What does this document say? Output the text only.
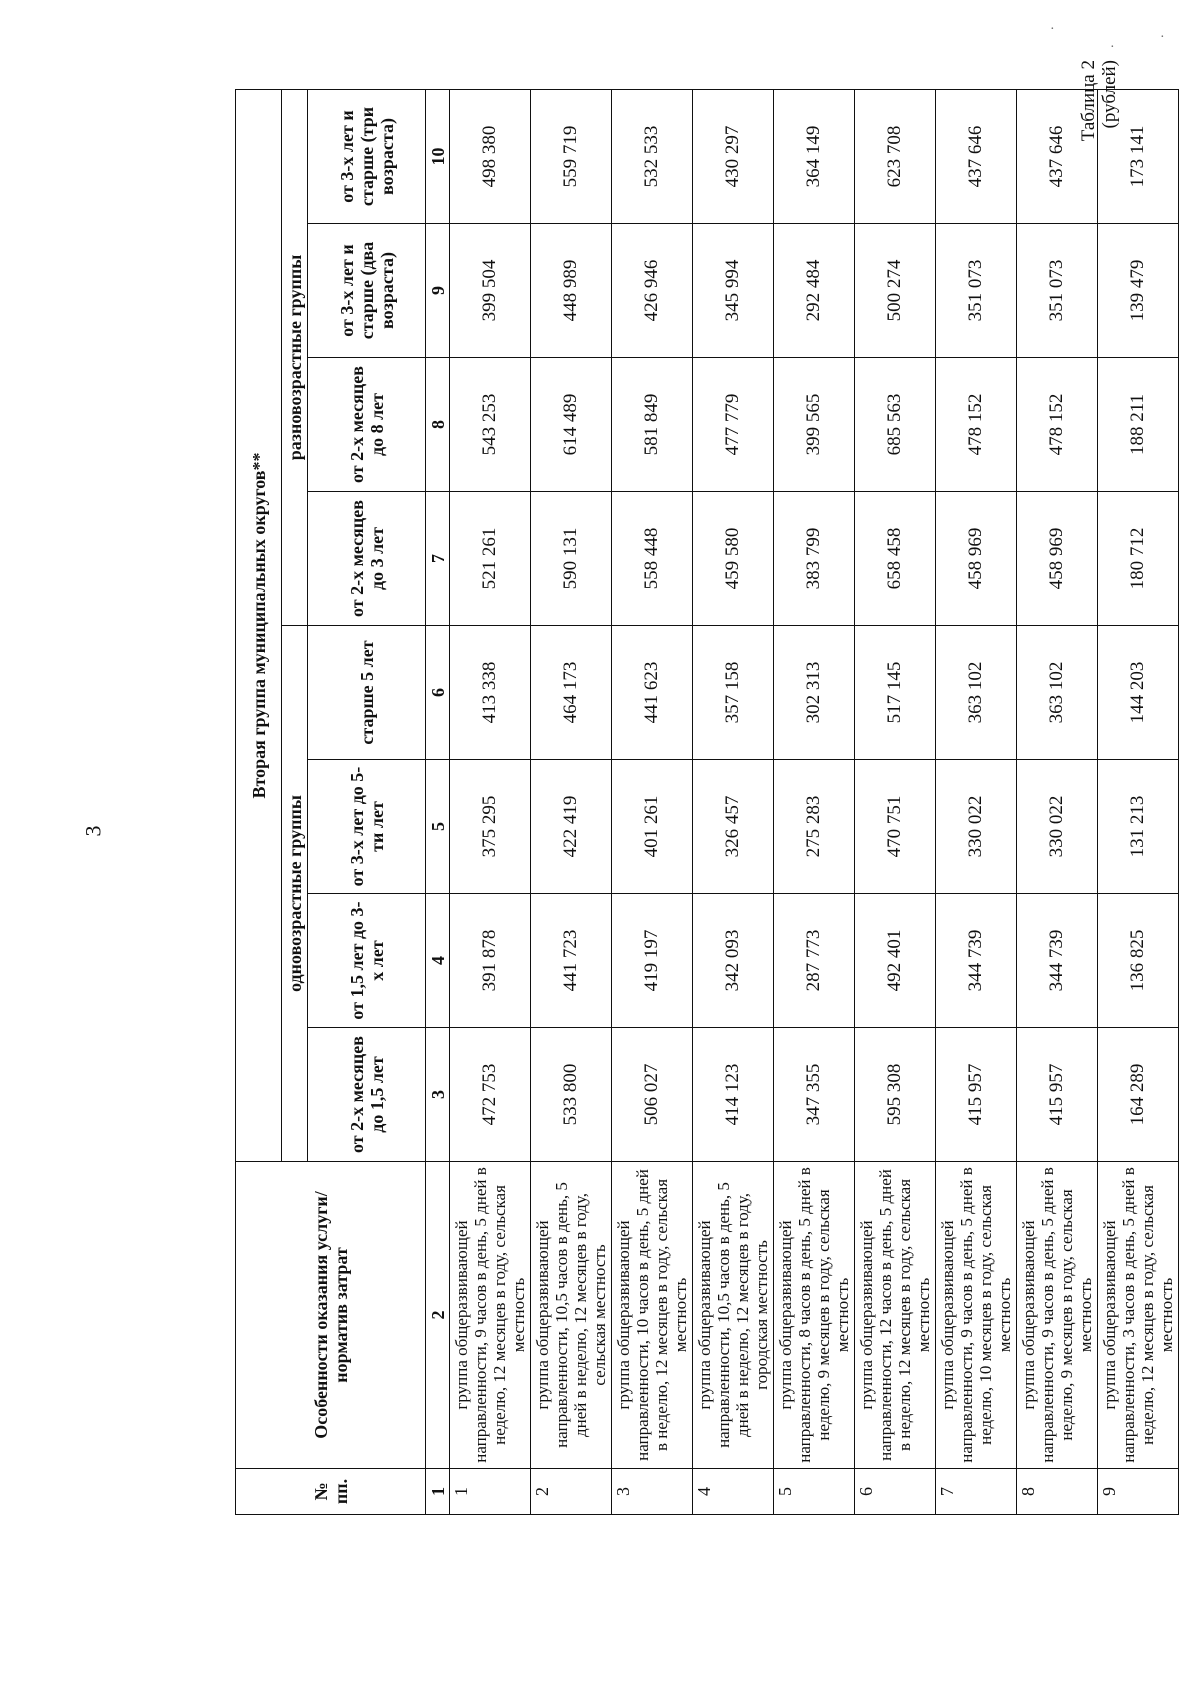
3
Таблица 2 (рублей)
·
·
·
№ пп.	Особенности оказания услуги/норматив затрат	Вторая группа муниципальных округов**							
		одновозрастные группы				разновозрастные группы			
		от 2-х месяцев до 1,5 лет	от 1,5 лет до 3-х лет	от 3-х лет до 5-ти лет	старше 5 лет	от 2-х месяцев до 3 лет	от 2-х месяцев до 8 лет	от 3-х лет и старше (два возраста)	от 3-х лет и старше (три возраста)
1	2	3	4	5	6	7	8	9	10
1	группа общеразвивающей направленности, 9 часов в день, 5 дней в неделю, 12 месяцев в году, сельская местность	472 753	391 878	375 295	413 338	521 261	543 253	399 504	498 380
2	группа общеразвивающей направленности, 10,5 часов в день, 5 дней в неделю, 12 месяцев в году, сельская местность	533 800	441 723	422 419	464 173	590 131	614 489	448 989	559 719
3	группа общеразвивающей направленности, 10 часов в день, 5 дней в неделю, 12 месяцев в году, сельская местность	506 027	419 197	401 261	441 623	558 448	581 849	426 946	532 533
4	группа общеразвивающей направленности, 10,5 часов в день, 5 дней в неделю, 12 месяцев в году, городская местность	414 123	342 093	326 457	357 158	459 580	477 779	345 994	430 297
5	группа общеразвивающей направленности, 8 часов в день, 5 дней в неделю, 9 месяцев в году, сельская местность	347 355	287 773	275 283	302 313	383 799	399 565	292 484	364 149
6	группа общеразвивающей направленности, 12 часов в день, 5 дней в неделю, 12 месяцев в году, сельская местность	595 308	492 401	470 751	517 145	658 458	685 563	500 274	623 708
7	группа общеразвивающей направленности, 9 часов в день, 5 дней в неделю, 10 месяцев в году, сельская местность	415 957	344 739	330 022	363 102	458 969	478 152	351 073	437 646
8	группа общеразвивающей направленности, 9 часов в день, 5 дней в неделю, 9 месяцев в году, сельская местность	415 957	344 739	330 022	363 102	458 969	478 152	351 073	437 646
9	группа общеразвивающей направленности, 3 часов в день, 5 дней в неделю, 12 месяцев в году, сельская местность	164 289	136 825	131 213	144 203	180 712	188 211	139 479	173 141
